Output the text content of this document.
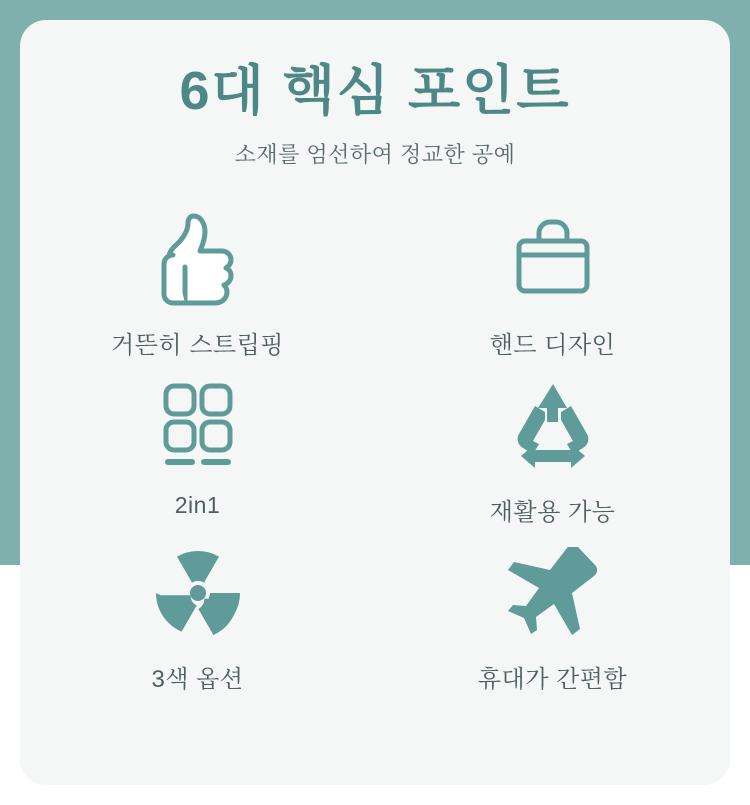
6대 핵심 포인트

소재를 엄선하여 정교한 공예

거뜬히 스트립핑	핸드 디자인
2in1	재활용 가능
3색 옵션	휴대가 간편함
